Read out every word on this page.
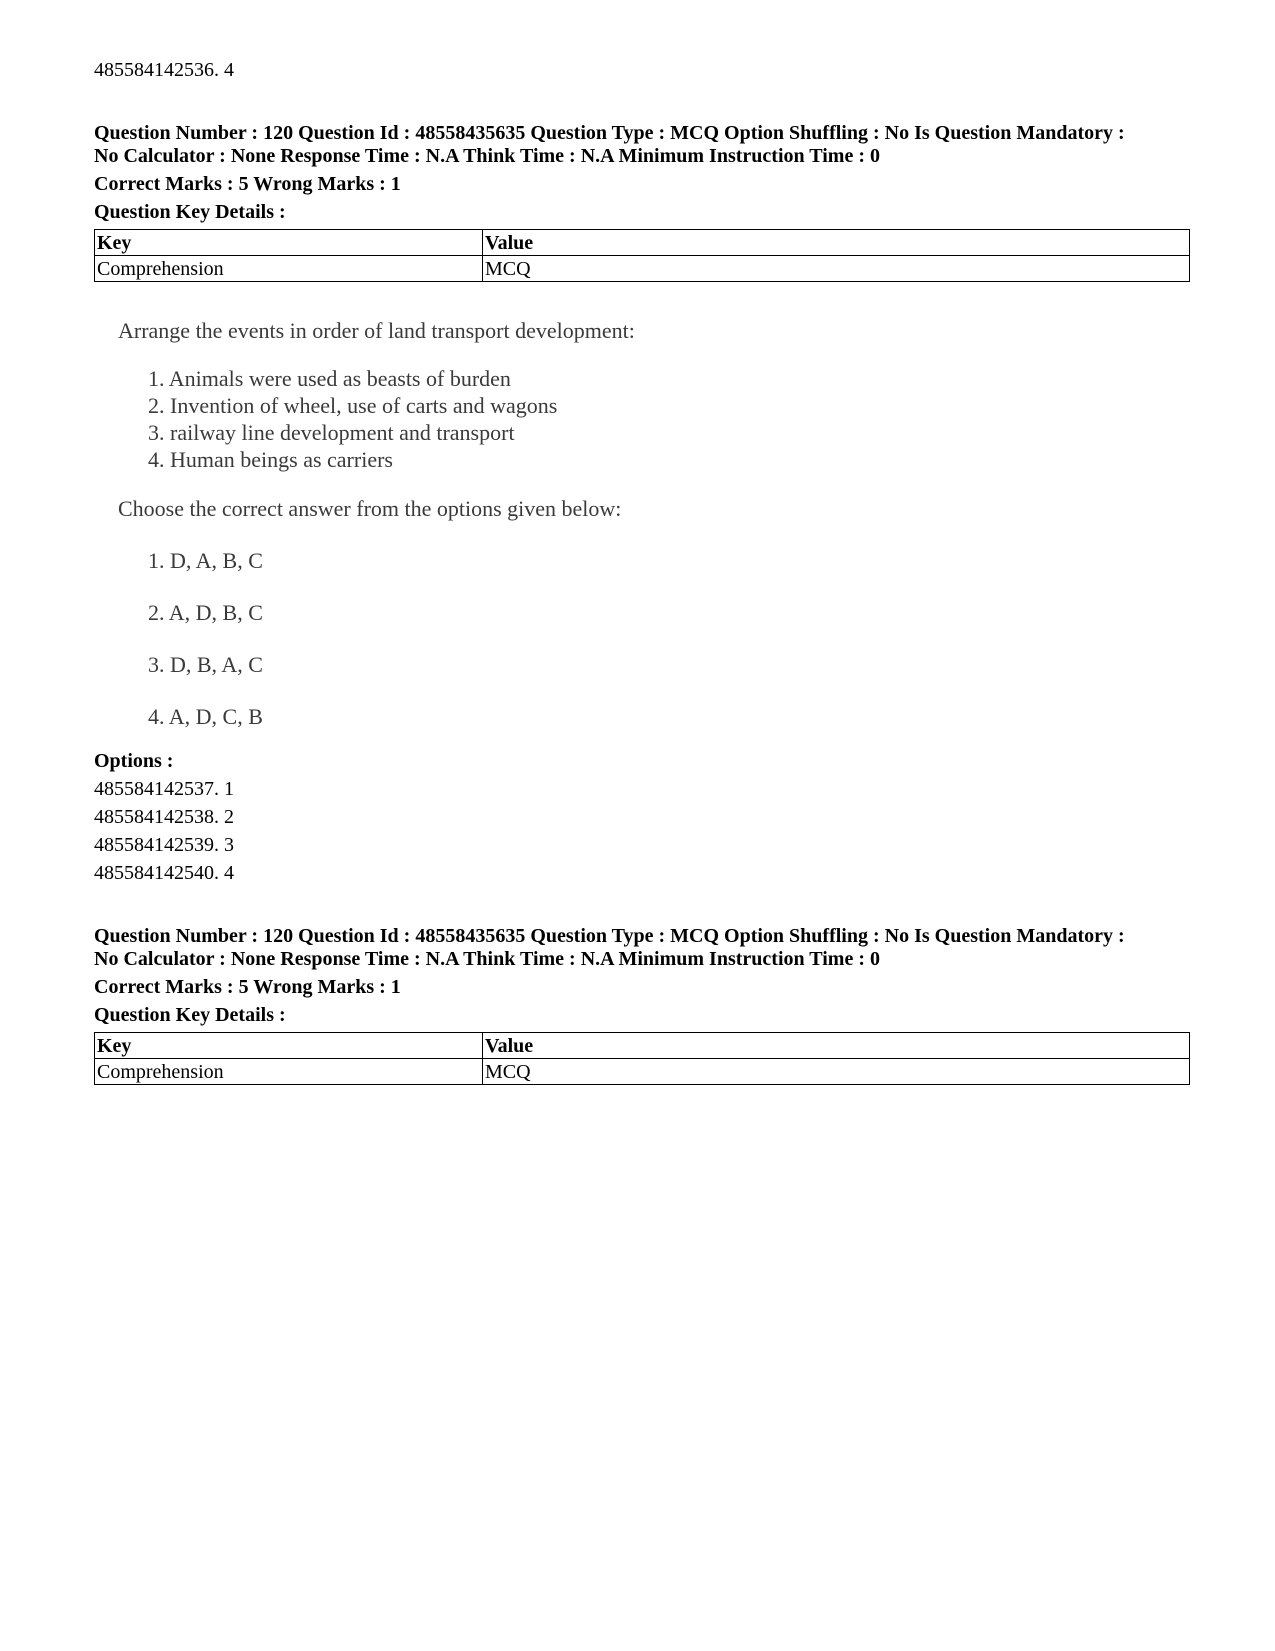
485584142536. 4
Question Number : 120 Question Id : 48558435635 Question Type : MCQ Option Shuffling : No Is Question Mandatory :
No Calculator : None Response Time : N.A Think Time : N.A Minimum Instruction Time : 0
Correct Marks : 5 Wrong Marks : 1
Question Key Details :
Key	Value
Comprehension	MCQ
Arrange the events in order of land transport development:
1. Animals were used as beasts of burden
2. Invention of wheel, use of carts and wagons
3. railway line development and transport
4. Human beings as carriers
Choose the correct answer from the options given below:
1. D, A, B, C
2. A, D, B, C
3. D, B, A, C
4. A, D, C, B
Options :
485584142537. 1
485584142538. 2
485584142539. 3
485584142540. 4
Question Number : 120 Question Id : 48558435635 Question Type : MCQ Option Shuffling : No Is Question Mandatory :
No Calculator : None Response Time : N.A Think Time : N.A Minimum Instruction Time : 0
Correct Marks : 5 Wrong Marks : 1
Question Key Details :
Key	Value
Comprehension	MCQ
